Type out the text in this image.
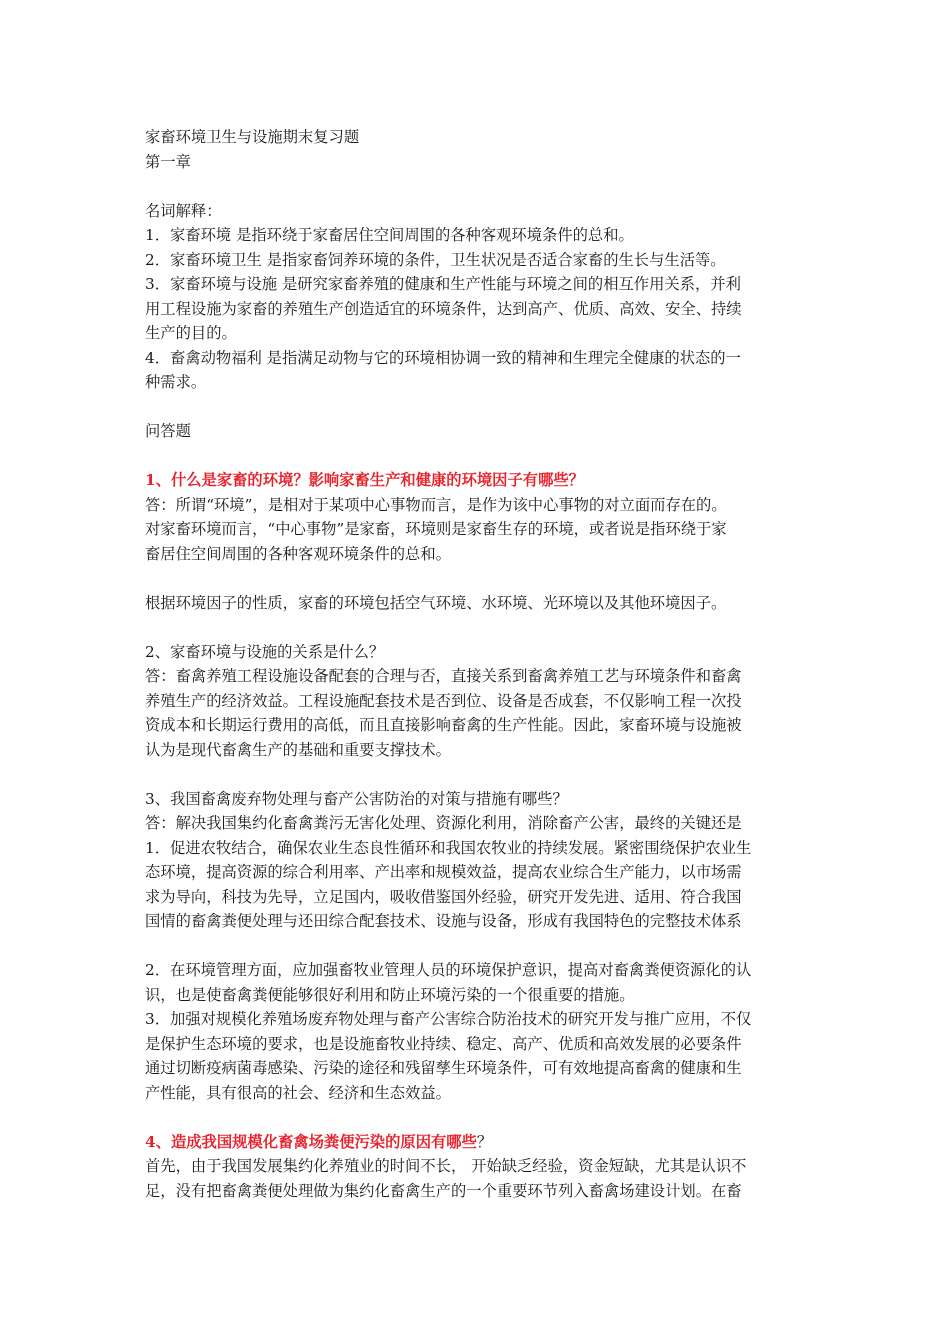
家畜环境卫生与设施期末复习题
第一章
名词解释：
1．家畜环境 是指环绕于家畜居住空间周围的各种客观环境条件的总和。
2．家畜环境卫生 是指家畜饲养环境的条件，卫生状况是否适合家畜的生长与生活等。
3．家畜环境与设施 是研究家畜养殖的健康和生产性能与环境之间的相互作用关系，并利
用工程设施为家畜的养殖生产创造适宜的环境条件，达到高产、优质、高效、安全、持续
生产的目的。
4．畜禽动物福利 是指满足动物与它的环境相协调一致的精神和生理完全健康的状态的一
种需求。
问答题
1、什么是家畜的环境？影响家畜生产和健康的环境因子有哪些？
答：所谓“环境”，是相对于某项中心事物而言，是作为该中心事物的对立面而存在的。
对家畜环境而言，“中心事物”是家畜，环境则是家畜生存的环境，或者说是指环绕于家
畜居住空间周围的各种客观环境条件的总和。
根据环境因子的性质，家畜的环境包括空气环境、水环境、光环境以及其他环境因子。
2、家畜环境与设施的关系是什么？
答：畜禽养殖工程设施设备配套的合理与否，直接关系到畜禽养殖工艺与环境条件和畜禽
养殖生产的经济效益。工程设施配套技术是否到位、设备是否成套，不仅影响工程一次投
资成本和长期运行费用的高低，而且直接影响畜禽的生产性能。因此，家畜环境与设施被
认为是现代畜禽生产的基础和重要支撑技术。
3、我国畜禽废弃物处理与畜产公害防治的对策与措施有哪些？
答：解决我国集约化畜禽粪污无害化处理、资源化利用，消除畜产公害，最终的关键还是
1．促进农牧结合，确保农业生态良性循环和我国农牧业的持续发展。紧密围绕保护农业生
态环境，提高资源的综合利用率、产出率和规模效益，提高农业综合生产能力，以市场需
求为导向，科技为先导，立足国内，吸收借鉴国外经验，研究开发先进、适用、符合我国
国情的畜禽粪便处理与还田综合配套技术、设施与设备，形成有我国特色的完整技术体系
2．在环境管理方面，应加强畜牧业管理人员的环境保护意识，提高对畜禽粪便资源化的认
识，也是使畜禽粪便能够很好利用和防止环境污染的一个很重要的措施。
3．加强对规模化养殖场废弃物处理与畜产公害综合防治技术的研究开发与推广应用，不仅
是保护生态环境的要求，也是设施畜牧业持续、稳定、高产、优质和高效发展的必要条件
通过切断疫病菌毒感染、污染的途径和残留孳生环境条件，可有效地提高畜禽的健康和生
产性能，具有很高的社会、经济和生态效益。
4、造成我国规模化畜禽场粪便污染的原因有哪些？
首先，由于我国发展集约化养殖业的时间不长， 开始缺乏经验，资金短缺，尤其是认识不
足，没有把畜禽粪便处理做为集约化畜禽生产的一个重要环节列入畜禽场建设计划。在畜
